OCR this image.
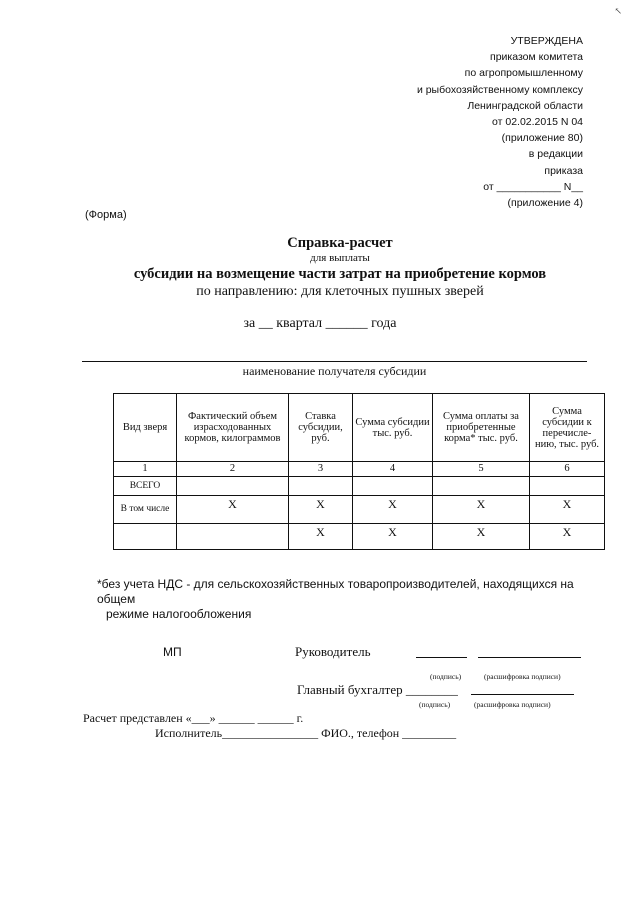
↖
УТВЕРЖДЕНА
приказом комитета
по агропромышленному
и рыбохозяйственному комплексу
Ленинградской области
от 02.02.2015 N 04
(приложение 80)
в редакции
приказа
от ___________ N__
(приложение 4)
(Форма)
Справка-расчет
для выплаты
субсидии на возмещение части затрат на приобретение кормов
по направлению: для клеточных пушных зверей
за __ квартал ______ года
наименование получателя субсидии
Вид зверя	Фактический объем израсходованных кормов, килограммов	Ставка субсидии, руб.	Сумма субсидии тыс. руб.	Сумма оплаты за приобретенные корма* тыс. руб.	Сумма субсидии к перечисле-нию, тыс. руб.
1	2	3	4	5	6
ВСЕГО					
В том числе	X	X	X	X	X
		X	X	X	X
*без учета НДС - для сельскохозяйственных товаропроизводителей, находящихся на общем
режиме налогообложения
МП	Руководитель
(подпись)	(расшифровка подписи)
Главный бухгалтер ________
(подпись)	(расшифровка подписи)
Расчет представлен «___» ______ ______ г.
Исполнитель________________ ФИО., телефон _________
